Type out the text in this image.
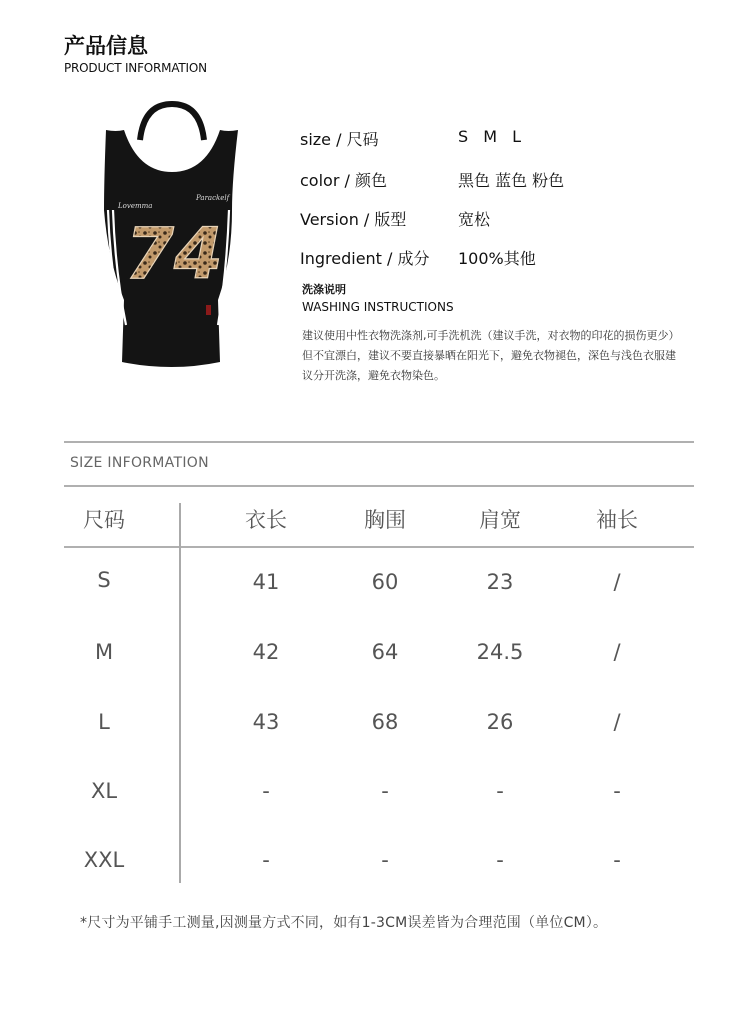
产品信息
PRODUCT INFORMATION
Lovemma
Parackelf
74
size / 尺码	S M L
color / 颜色	黑色 蓝色 粉色
Version / 版型	宽松
Ingredient / 成分 100%其他
洗涤说明
WASHING INSTRUCTIONS
建议使用中性衣物洗涤剂,可手洗机洗（建议手洗，对衣物的印花的损伤更少）但不宜漂白，建议不要直接暴晒在阳光下，避免衣物褪色，深色与浅色衣服建议分开洗涤，避免衣物染色。
SIZE INFORMATION
尺码	衣长	胸围	肩宽	袖长
S	41	60	23	/
M	42	64	24.5	/
L	43	68	26	/
XL	-	-	-	-
XXL	-	-	-	-
*尺寸为平铺手工测量,因测量方式不同，如有1-3CM误差皆为合理范围（单位CM）。
